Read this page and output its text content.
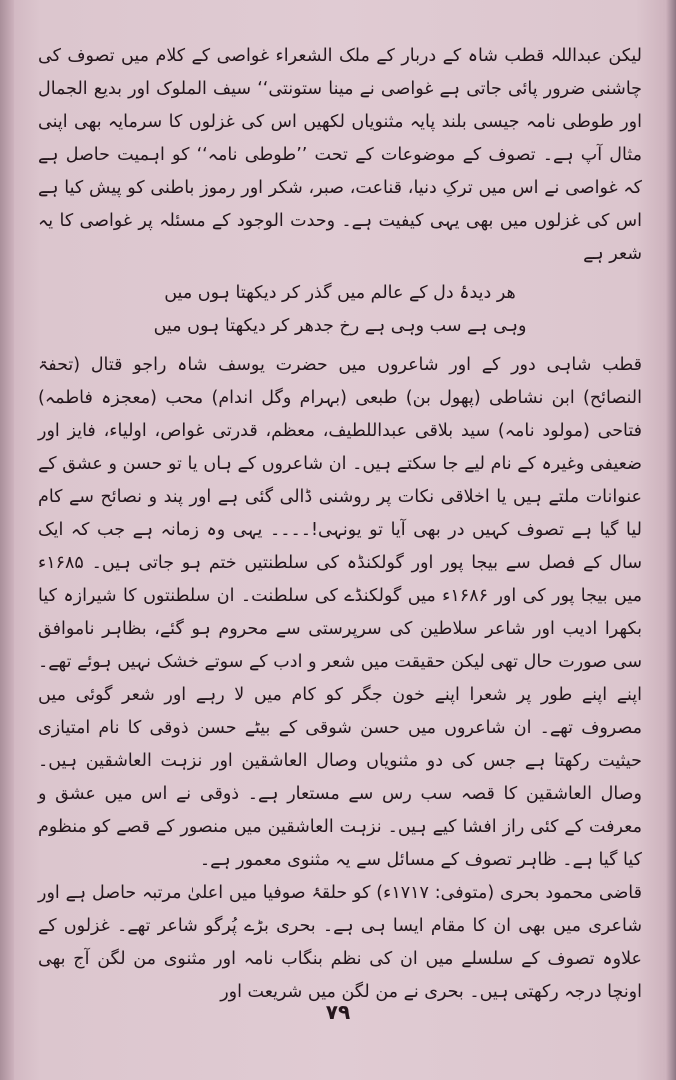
لیکن عبداللہ قطب شاہ کے دربار کے ملک الشعراء غواصی کے کلام میں تصوف کی چاشنی ضرور پائی جاتی ہے غواصی نے مینا ستونتی‘‘ سیف الملوک اور بدیع الجمال اور طوطی نامہ جیسی بلند پایہ مثنویاں لکھیں اس کی غزلوں کا سرمایہ بھی اپنی مثال آپ ہے۔ تصوف کے موضوعات کے تحت ’’طوطی نامہ‘‘ کو اہمیت حاصل ہے کہ غواصی نے اس میں ترکِ دنیا، قناعت، صبر، شکر اور رموز باطنی کو پیش کیا ہے اس کی غزلوں میں بھی یہی کیفیت ہے۔ وحدت الوجود کے مسئلہ پر غواصی کا یہ شعر ہے

ھر دیدۂ دل کے عالم میں گذر کر دیکھتا ہوں میں

وہی ہے سب وہی ہے رخ جدھر کر دیکھتا ہوں میں

قطب شاہی دور کے اور شاعروں میں حضرت یوسف شاہ راجو قتال (تحفۃ النصائح) ابن نشاطی (پھول بن) طبعی (بہرام وگل اندام) محب (معجزہ فاطمہ) فتاحی (مولود نامہ) سید بلاقی عبداللطیف، معظم، قدرتی غواص، اولیاء، فایز اور ضعیفی وغیرہ کے نام لیے جا سکتے ہیں۔ ان شاعروں کے ہاں یا تو حسن و عشق کے عنوانات ملتے ہیں یا اخلاقی نکات پر روشنی ڈالی گئی ہے اور پند و نصائح سے کام لیا گیا ہے تصوف کہیں در بھی آیا تو یونہی!۔۔۔۔ یہی وہ زمانہ ہے جب کہ ایک سال کے فصل سے بیجا پور اور گولکنڈہ کی سلطنتیں ختم ہو جاتی ہیں۔ ۱۶۸۵ء میں بیجا پور کی اور ۱۶۸۶ء میں گولکنڈے کی سلطنت۔ ان سلطنتوں کا شیرازہ کیا بکھرا ادیب اور شاعر سلاطین کی سرپرستی سے محروم ہو گئے، بظاہر ناموافق سی صورت حال تھی لیکن حقیقت میں شعر و ادب کے سوتے خشک نہیں ہوئے تھے۔ اپنے اپنے طور پر شعرا اپنے خون جگر کو کام میں لا رہے اور شعر گوئی میں مصروف تھے۔ ان شاعروں میں حسن شوقی کے بیٹے حسن ذوقی کا نام امتیازی حیثیت رکھتا ہے جس کی دو مثنویاں وصال العاشقین اور نزہت العاشقین ہیں۔ وصال العاشقین کا قصہ سب رس سے مستعار ہے۔ ذوقی نے اس میں عشق و معرفت کے کئی راز افشا کیے ہیں۔ نزہت العاشقین میں منصور کے قصے کو منظوم کیا گیا ہے۔ ظاہر تصوف کے مسائل سے یہ مثنوی معمور ہے۔

قاضی محمود بحری (متوفی: ۱۷۱۷ء) کو حلقۂ صوفیا میں اعلیٰ مرتبہ حاصل ہے اور شاعری میں بھی ان کا مقام ایسا ہی ہے۔ بحری بڑے پُرگو شاعر تھے۔ غزلوں کے علاوہ تصوف کے سلسلے میں ان کی نظم بنگاب نامہ اور مثنوی من لگن آج بھی اونچا درجہ رکھتی ہیں۔ بحری نے من لگن میں شریعت اور

۷۹
